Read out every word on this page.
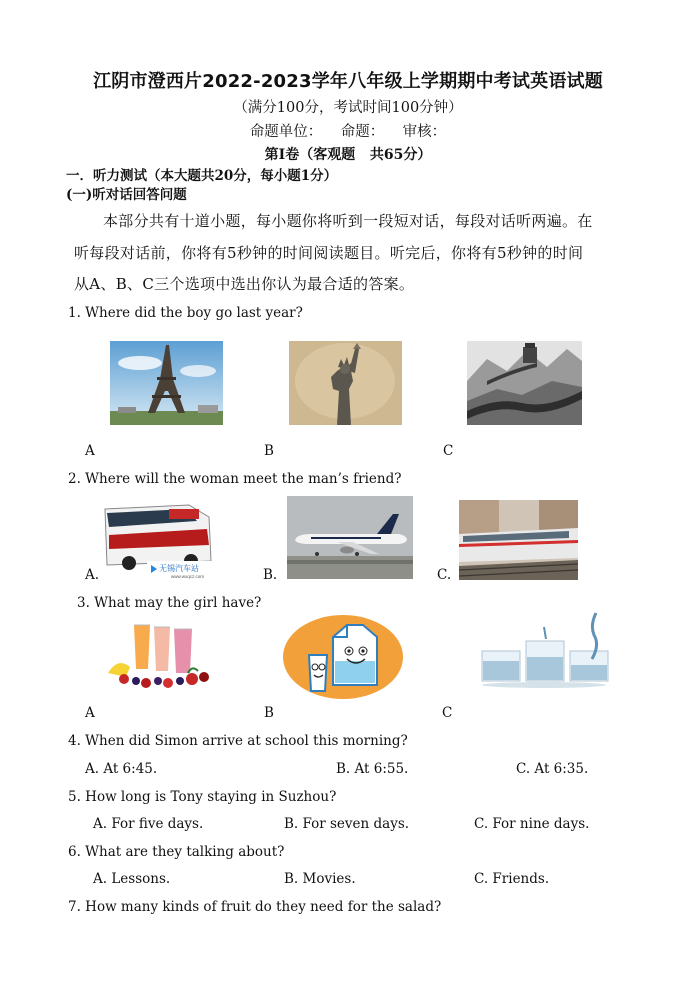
江阴市澄西片2022-2023学年八年级上学期期中考试英语试题
（满分100分，考试时间100分钟）
命题单位：    命题：    审核：
第Ⅰ卷（客观题   共65分）
一．听力测试（本大题共20分，每小题1分）
(一)听对话回答问题
本部分共有十道小题，每小题你将听到一段短对话，每段对话听两遍。在
听每段对话前，你将有5秒钟的时间阅读题目。听完后，你将有5秒钟的时间
从A、B、C三个选项中选出你认为最合适的答案。
1. Where did the boy go last year?
A	B	C
2. Where will the woman meet the man’s friend?
无锡汽车站
www.wxqcz.com
A.	B.	C.
3. What may the girl have?
A	B	C
4. When did Simon arrive at school this morning?
A. At 6:45.	B. At 6:55.	C. At 6:35.
5. How long is Tony staying in Suzhou?
A. For five days.	B. For seven days.	C. For nine days.
6. What are they talking about?
A. Lessons.	B. Movies.	C. Friends.
7. How many kinds of fruit do they need for the salad?
